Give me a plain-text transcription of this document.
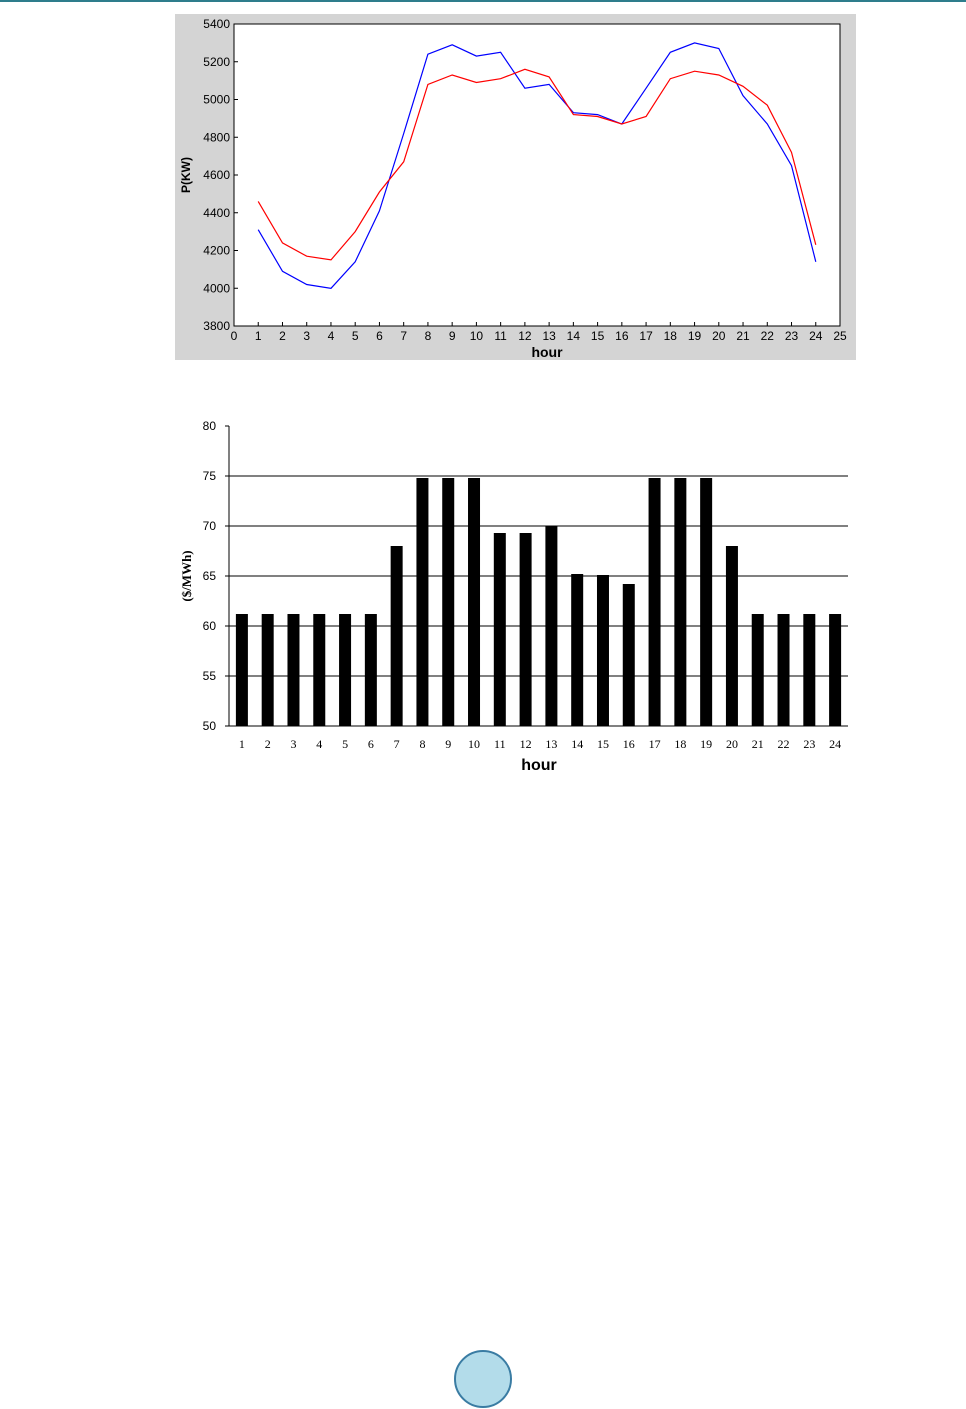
0 1 2 3 4 5 6 7 8 9 10 11 12 13 14 15 16 17 18 19 20 21 22 23 24 25
3800
4000
4200
4400
4600
4800
5000
5200
5400
hour
P(KW)
50
55
60
65
70
75
80
1 2 3 4 5 6 7 8 9 10 11 12 13 14 15 16 17 18 19 20 21 22 23 24
hour
($/MWh)
